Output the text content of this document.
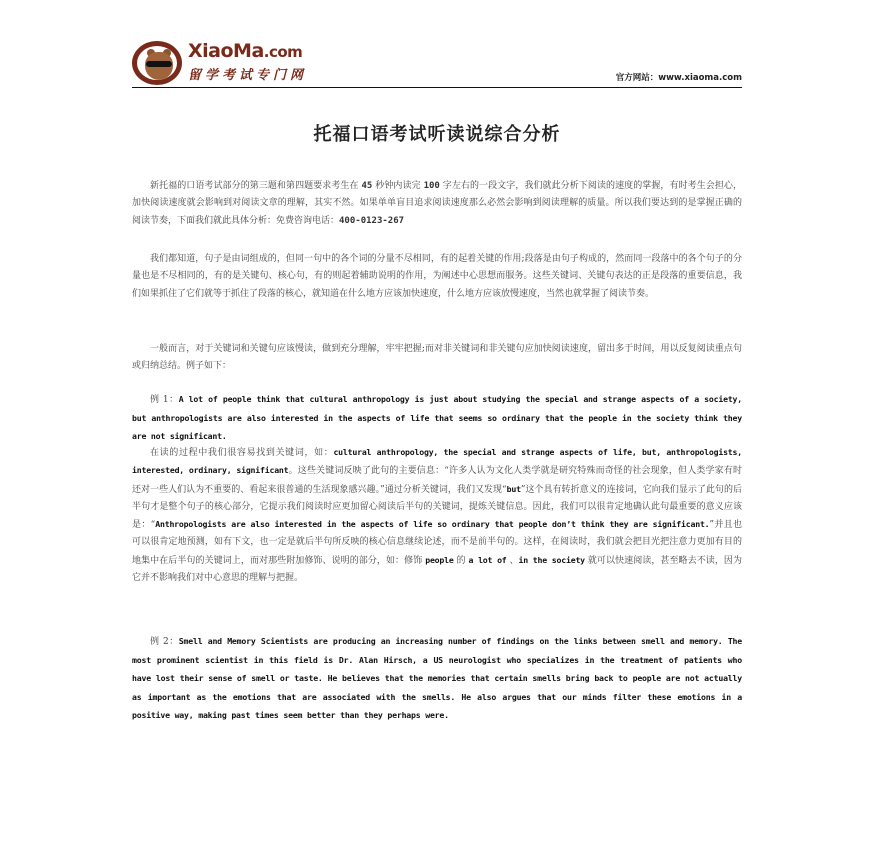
XiaoMa.com
留学考试专门网	官方网站：www.xiaoma.com
托福口语考试听读说综合分析

新托福的口语考试部分的第三题和第四题要求考生在 45 秒钟内读完 100 字左右的一段文字，我们就此分析下阅读的速度的掌握，有时考生会担心，加快阅读速度就会影响到对阅读文章的理解，其实不然。如果单单盲目追求阅读速度那么必然会影响到阅读理解的质量。所以我们要达到的是掌握正确的阅读节奏，下面我们就此具体分析：免费咨询电话：400-0123-267

我们都知道，句子是由词组成的，但同一句中的各个词的分量不尽相同，有的起着关键的作用;段落是由句子构成的，然而同一段落中的各个句子的分量也是不尽相同的，有的是关键句、核心句，有的则起着辅助说明的作用，为阐述中心思想而服务。这些关键词、关键句表达的正是段落的重要信息，我们如果抓住了它们就等于抓住了段落的核心，就知道在什么地方应该加快速度，什么地方应该放慢速度，当然也就掌握了阅读节奏。

一般而言，对于关键词和关键句应该慢读，做到充分理解，牢牢把握;而对非关键词和非关键句应加快阅读速度，留出多于时间，用以反复阅读重点句或归纳总结。例子如下：

例 1：A lot of people think that cultural anthropology is just about studying the special and strange aspects of a society, but anthropologists are also interested in the aspects of life that seems so ordinary that the people in the society think they are not significant.

在读的过程中我们很容易找到关键词，如：cultural anthropology, the special and strange aspects of life, but, anthropologists, interested, ordinary, significant。这些关键词反映了此句的主要信息：“许多人认为文化人类学就是研究特殊而奇怪的社会现象，但人类学家有时还对一些人们认为不重要的、看起来很普通的生活现象感兴趣。”通过分析关键词，我们又发现“but”这个具有转折意义的连接词，它向我们显示了此句的后半句才是整个句子的核心部分，它提示我们阅读时应更加留心阅读后半句的关键词，提炼关键信息。因此，我们可以很肯定地确认此句最重要的意义应该是：“Anthropologists are also interested in the aspects of life so ordinary that people don’t think they are significant.”并且也可以很肯定地预测，如有下文，也一定是就后半句所反映的核心信息继续论述，而不是前半句的。这样，在阅读时，我们就会把目光把注意力更加有目的地集中在后半句的关键词上，而对那些附加修饰、说明的部分，如：修饰 people 的 a lot of 、in the society 就可以快速阅读，甚至略去不读，因为它并不影响我们对中心意思的理解与把握。

例 2：Smell and Memory Scientists are producing an increasing number of findings on the links between smell and memory. The most prominent scientist in this field is Dr. Alan Hirsch, a US neurologist who specializes in the treatment of patients who have lost their sense of smell or taste. He believes that the memories that certain smells bring back to people are not actually as important as the emotions that are associated with the smells. He also argues that our minds filter these emotions in a positive way, making past times seem better than they perhaps were.
